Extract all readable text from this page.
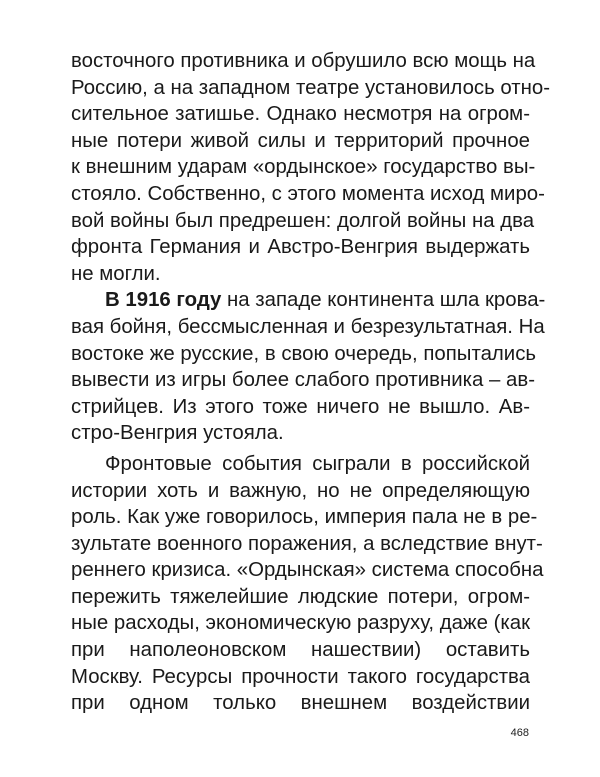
восточного противника и обрушило всю мощь на
Россию, а на западном театре установилось отно-
сительное затишье. Однако несмотря на огром-
ные потери живой силы и территорий прочное
к внешним ударам «ордынское» государство вы-
стояло. Собственно, с этого момента исход миро-
вой войны был предрешен: долгой войны на два
фронта Германия и Австро-Венгрия выдержать
не могли.
В 1916 году на западе континента шла крова-
вая бойня, бессмысленная и безрезультатная. На
востоке же русские, в свою очередь, попытались
вывести из игры более слабого противника – ав-
стрийцев. Из этого тоже ничего не вышло. Ав-
стро-Венгрия устояла.
Фронтовые события сыграли в российской
истории хоть и важную, но не определяющую
роль. Как уже говорилось, империя пала не в ре-
зультате военного поражения, а вследствие внут-
реннего кризиса. «Ордынская» система способна
пережить тяжелейшие людские потери, огром-
ные расходы, экономическую разруху, даже (как
при наполеоновском нашествии) оставить
Москву. Ресурсы прочности такого государства
при одном только внешнем воздействии
468
